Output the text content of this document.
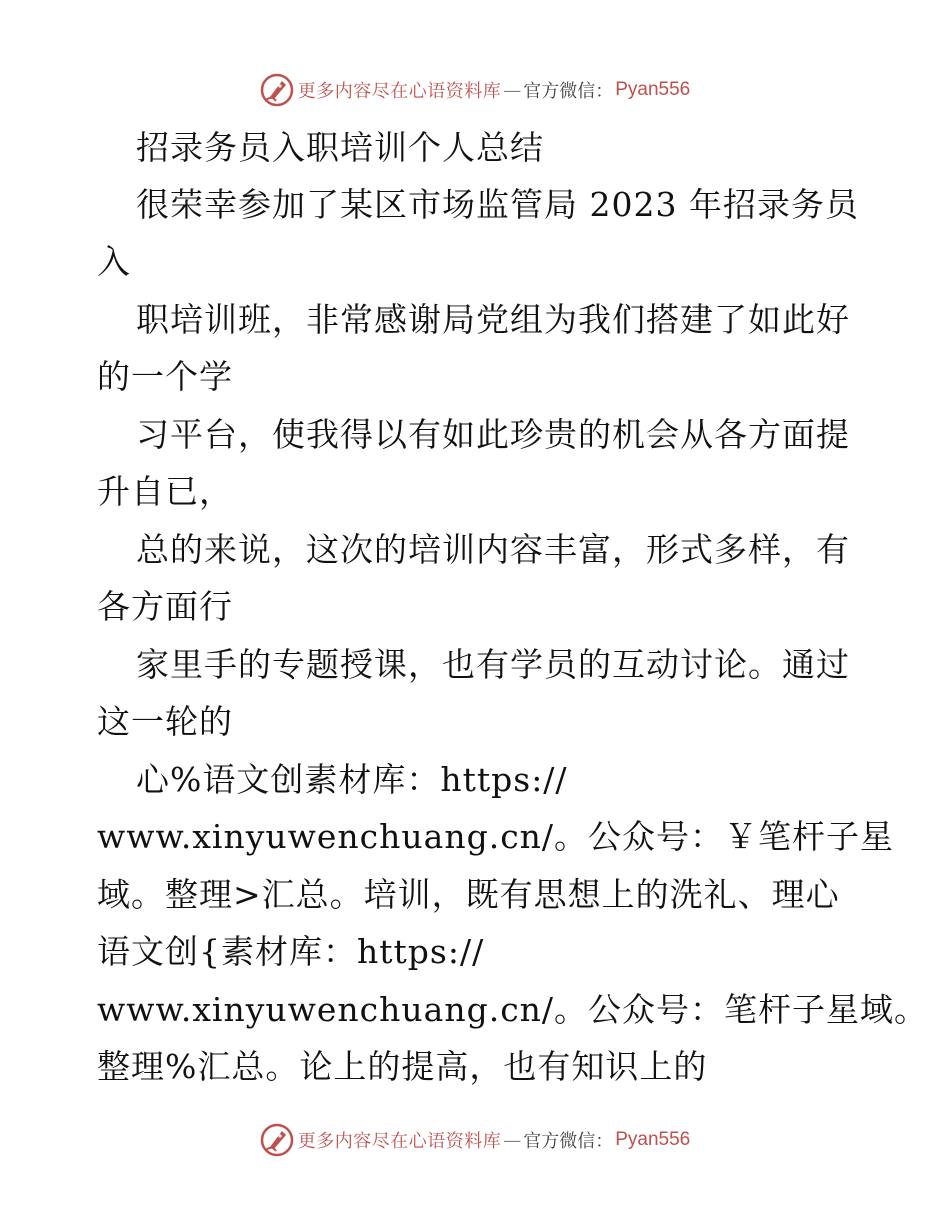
更多内容尽在心语资料库 — 官方微信： Pyan556
招录务员入职培训个人总结
很荣幸参加了某区市场监管局 2023 年招录务员
入
职培训班，非常感谢局党组为我们搭建了如此好
的一个学
习平台，使我得以有如此珍贵的机会从各方面提
升自已，
总的来说，这次的培训内容丰富，形式多样，有
各方面行
家里手的专题授课，也有学员的互动讨论。通过
这一轮的
心%语文创素材库：https://
www.xinyuwenchuang.cn/。公众号：￥笔杆子星
域。整理>汇总。培训，既有思想上的洗礼、理心
语文创{素材库：https://
www.xinyuwenchuang.cn/。公众号：笔杆子星域。
整理%汇总。论上的提高，也有知识上的
更多内容尽在心语资料库 — 官方微信： Pyan556
